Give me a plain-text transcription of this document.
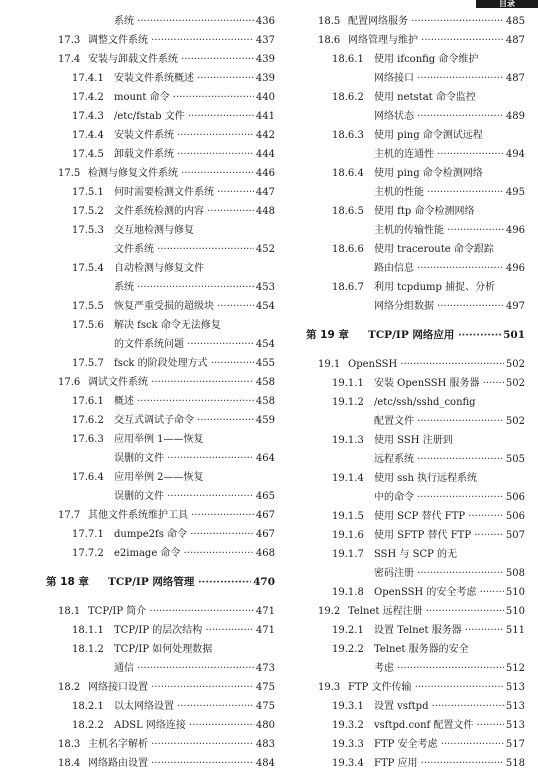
目录
系统 ·····	436
17.3 调整文件系统 ·····	437
17.4 安装与卸载文件系统 ·····	439
17.4.1 安装文件系统概述 ·····	439
17.4.2 mount 命令 ·····	440
17.4.3 /etc/fstab 文件 ·····	441
17.4.4 安装文件系统 ·····	442
17.4.5 卸载文件系统 ·····	444
17.5 检测与修复文件系统 ·····	446
17.5.1 何时需要检测文件系统 ·····	447
17.5.2 文件系统检测的内容 ·····	448
17.5.3 交互地检测与修复
文件系统 ·····	452
17.5.4 自动检测与修复文件
系统 ·····	453
17.5.5 恢复严重受损的超级块 ·····	454
17.5.6 解决 fsck 命令无法修复
的文件系统问题 ·····	454
17.5.7 fsck 的阶段处理方式 ·····	455
17.6 调试文件系统 ·····	458
17.6.1 概述 ·····	458
17.6.2 交互式调试子命令 ·····	459
17.6.3 应用举例 1——恢复
误删的文件 ·····	464
17.6.4 应用举例 2——恢复
误删的文件 ·····	465
17.7 其他文件系统维护工具 ·····	467
17.7.1 dumpe2fs 命令 ·····	467
17.7.2 e2image 命令 ·····	468
第 18 章 TCP/IP 网络管理 ·····	470
18.1 TCP/IP 简介 ·····	471
18.1.1 TCP/IP 的层次结构 ·····	471
18.1.2 TCP/IP 如何处理数据
通信 ·····	473
18.2 网络接口设置 ·····	475
18.2.1 以太网络设置 ·····	475
18.2.2 ADSL 网络连接 ·····	480
18.3 主机名字解析 ·····	483
18.4 网络路由设置 ·····	484
18.5 配置网络服务 ·····	485
18.6 网络管理与维护 ·····	487
18.6.1 使用 ifconfig 命令维护
网络接口 ·····	487
18.6.2 使用 netstat 命令监控
网络状态 ·····	489
18.6.3 使用 ping 命令测试远程
主机的连通性 ·····	494
18.6.4 使用 ping 命令检测网络
主机的性能 ·····	495
18.6.5 使用 ftp 命令检测网络
主机的传输性能 ·····	496
18.6.6 使用 traceroute 命令跟踪
路由信息 ·····	496
18.6.7 利用 tcpdump 捕捉、分析
网络分组数据 ·····	497
第 19 章 TCP/IP 网络应用 ·····	501
19.1 OpenSSH ·····	502
19.1.1 安装 OpenSSH 服务器 ·····	502
19.1.2 /etc/ssh/sshd_config
配置文件 ·····	502
19.1.3 使用 SSH 注册到
远程系统 ·····	505
19.1.4 使用 ssh 执行远程系统
中的命令 ·····	506
19.1.5 使用 SCP 替代 FTP ·····	506
19.1.6 使用 SFTP 替代 FTP ·····	507
19.1.7 SSH 与 SCP 的无
密码注册 ·····	508
19.1.8 OpenSSH 的安全考虑 ·····	510
19.2 Telnet 远程注册 ·····	510
19.2.1 设置 Telnet 服务器 ·····	511
19.2.2 Telnet 服务器的安全
考虑 ·····	512
19.3 FTP 文件传输 ·····	513
19.3.1 设置 vsftpd ·····	513
19.3.2 vsftpd.conf 配置文件 ·····	513
19.3.3 FTP 安全考虑 ·····	517
19.3.4 FTP 应用 ·····	518
